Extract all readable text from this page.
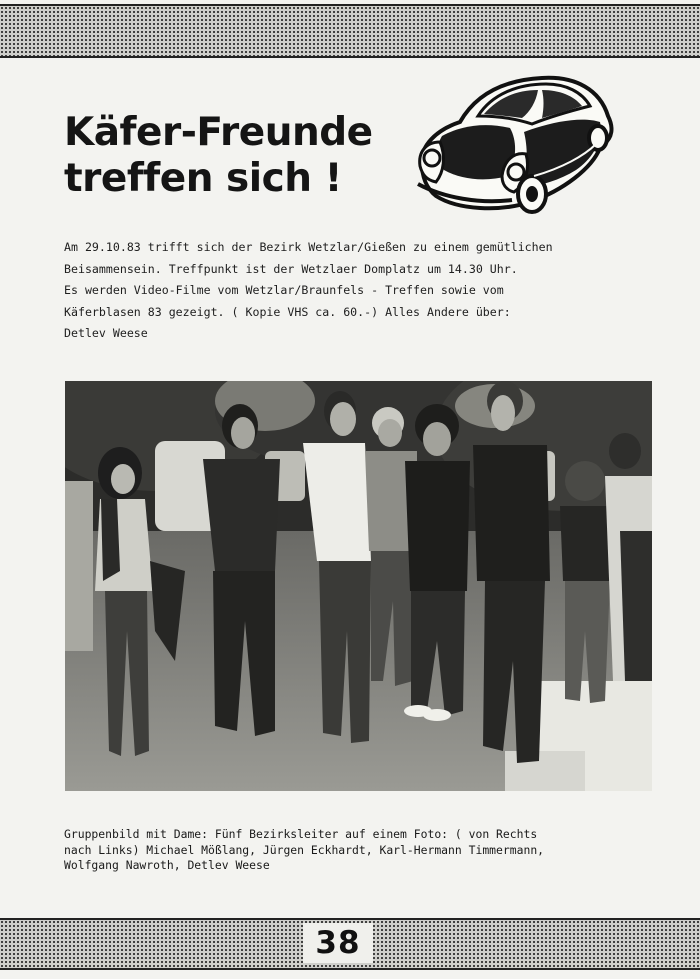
Käfer-Freunde
treffen sich !
Am 29.10.83 trifft sich der Bezirk Wetzlar/Gießen zu einem gemütlichen
Beisammensein. Treffpunkt ist der Wetzlaer Domplatz um 14.30 Uhr.
Es werden Video-Filme vom Wetzlar/Braunfels - Treffen sowie vom
Käferblasen 83 gezeigt. ( Kopie VHS ca. 60.-) Alles Andere über:
Detlev Weese
Gruppenbild mit Dame: Fünf Bezirksleiter auf einem Foto: ( von Rechts
nach Links) Michael Mößlang, Jürgen Eckhardt, Karl-Hermann Timmermann,
Wolfgang Nawroth, Detlev Weese
38
